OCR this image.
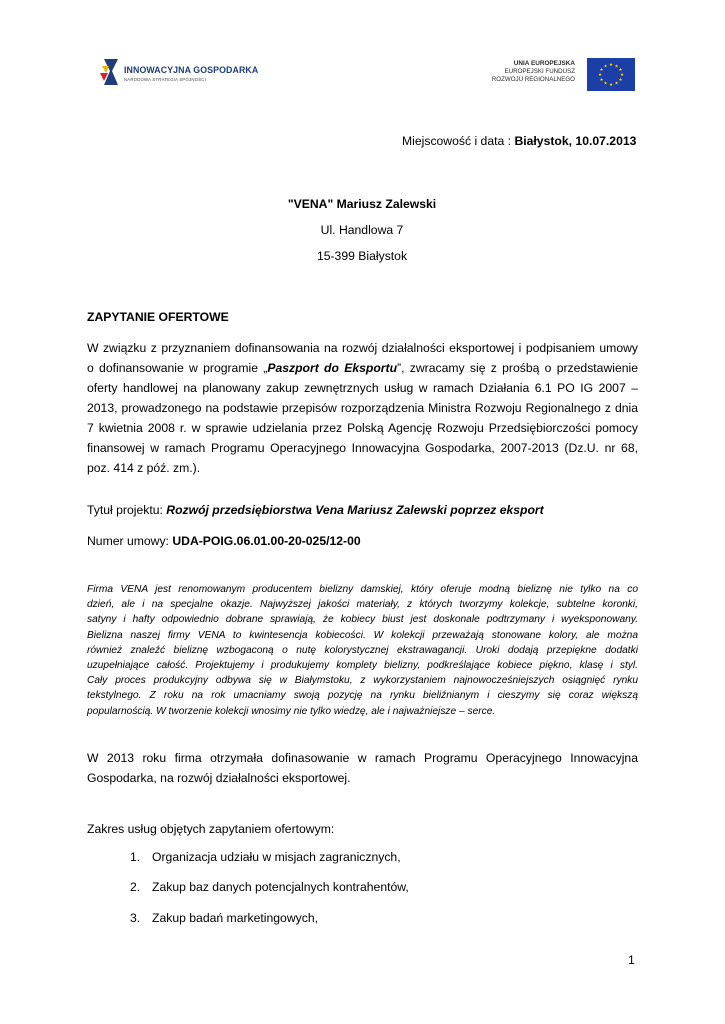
INNOWACYJNA GOSPODARKA
NARODOWA STRATEGIA SPÓJNOŚCI
UNIA EUROPEJSKA
EUROPEJSKI FUNDUSZ
ROZWOJU REGIONALNEGO
★ ★
★
★
★
★
★
★
★
★
★
★
Miejscowość i data : Białystok, 10.07.2013
"VENA" Mariusz Zalewski
Ul. Handlowa 7
15-399 Białystok
ZAPYTANIE OFERTOWE
W związku z przyznaniem dofinansowania na rozwój działalności eksportowej i podpisaniem umowy
o dofinansowanie w programie „Paszport do Eksportu”, zwracamy się z prośbą o przedstawienie
oferty handlowej na planowany zakup zewnętrznych usług w ramach Działania 6.1 PO IG 2007 –
2013, prowadzonego na podstawie przepisów rozporządzenia Ministra Rozwoju Regionalnego z dnia
7 kwietnia 2008 r. w sprawie udzielania przez Polską Agencję Rozwoju Przedsiębiorczości pomocy
finansowej w ramach Programu Operacyjnego Innowacyjna Gospodarka, 2007-2013 (Dz.U. nr 68,
poz. 414 z póź. zm.).
Tytuł projektu: Rozwój przedsiębiorstwa Vena Mariusz Zalewski poprzez eksport
Numer umowy: UDA-POIG.06.01.00-20-025/12-00
Firma VENA jest renomowanym producentem bielizny damskiej, który oferuje modną bieliznę nie tylko na co
dzień, ale i na specjalne okazje. Najwyższej jakości materiały, z których tworzymy kolekcje, subtelne koronki,
satyny i hafty odpowiednio dobrane sprawiają, że kobiecy biust jest doskonale podtrzymany i wyeksponowany.
Bielizna naszej firmy VENA to kwintesencja kobiecości. W kolekcji przeważają stonowane kolory, ale można
również znaleźć bieliznę wzbogaconą o nutę kolorystycznej ekstrawagancji. Uroki dodają przepiękne dodatki
uzupełniające całość. Projektujemy i produkujemy komplety bielizny, podkreślające kobiece piękno, klasę i styl.
Cały proces produkcyjny odbywa się w Białymstoku, z wykorzystaniem najnowocześniejszych osiągnięć rynku
tekstylnego. Z roku na rok umacniamy swoją pozycję na rynku bieliźnianym i cieszymy się coraz większą
popularnością. W tworzenie kolekcji wnosimy nie tylko wiedzę, ale i najważniejsze – serce.
W 2013 roku firma otrzymała dofinasowanie w ramach Programu Operacyjnego Innowacyjna
Gospodarka, na rozwój działalności eksportowej.
Zakres usług objętych zapytaniem ofertowym:
1. Organizacja udziału w misjach zagranicznych,
2. Zakup baz danych potencjalnych kontrahentów,
3. Zakup badań marketingowych,
1
